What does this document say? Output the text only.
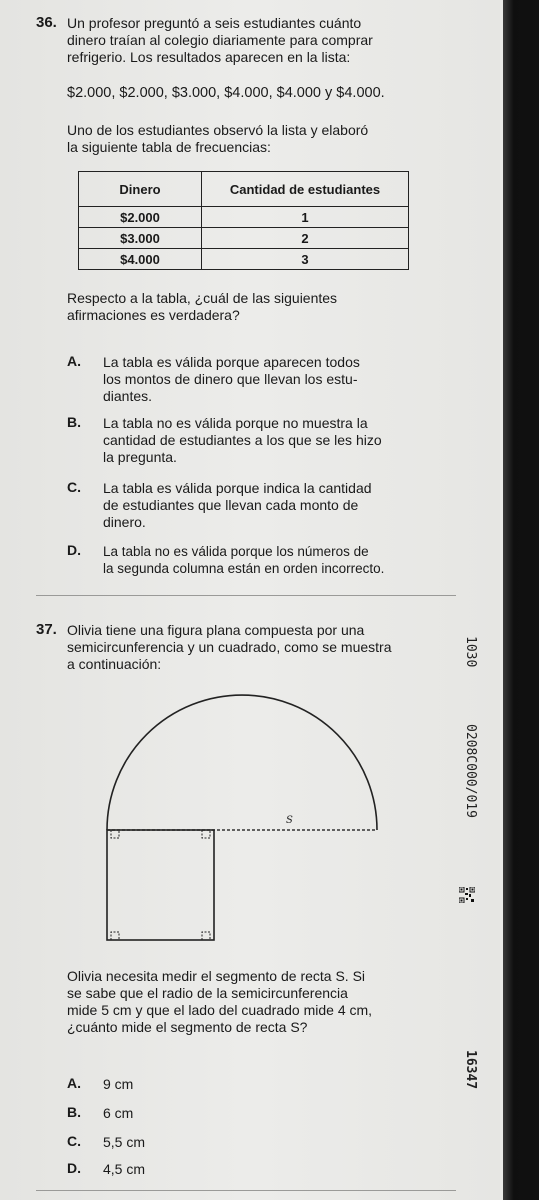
36. Un profesor preguntó a seis estudiantes cuánto
dinero traían al colegio diariamente para comprar
refrigerio. Los resultados aparecen en la lista:
$2.000, $2.000, $3.000, $4.000, $4.000 y $4.000.
Uno de los estudiantes observó la lista y elaboró
la siguiente tabla de frecuencias:
Dinero	Cantidad de estudiantes
$2.000	1
$3.000	2
$4.000	3
Respecto a la tabla, ¿cuál de las siguientes
afirmaciones es verdadera?
A. La tabla es válida porque aparecen todos
los montos de dinero que llevan los estu-
diantes.
B. La tabla no es válida porque no muestra la
cantidad de estudiantes a los que se les hizo
la pregunta.
C. La tabla es válida porque indica la cantidad
de estudiantes que llevan cada monto de
dinero.
D. La tabla no es válida porque los números de
la segunda columna están en orden incorrecto.
37. Olivia tiene una figura plana compuesta por una
semicircunferencia y un cuadrado, como se muestra
a continuación:
S
Olivia necesita medir el segmento de recta S. Si
se sabe que el radio de la semicircunferencia
mide 5 cm y que el lado del cuadrado mide 4 cm,
¿cuánto mide el segmento de recta S?
A. 9 cm
B. 6 cm
C. 5,5 cm
D. 4,5 cm
1030
0208C000/019
16347
